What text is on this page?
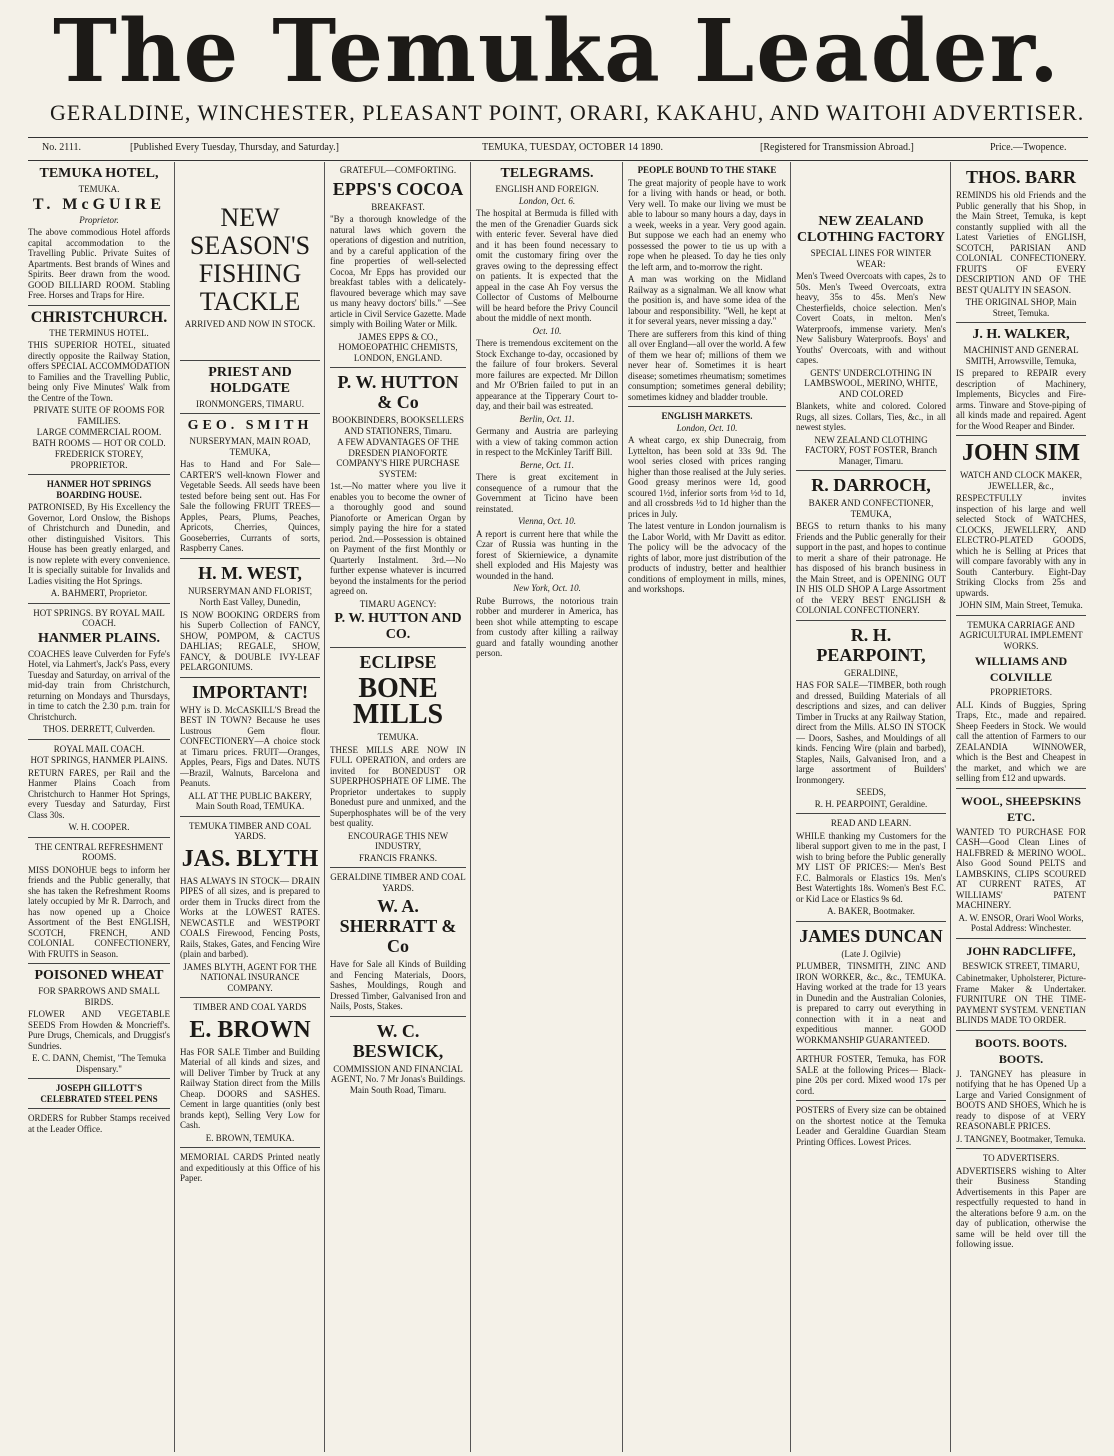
The Temuka Leader.
GERALDINE, WINCHESTER, PLEASANT POINT, ORARI, KAKAHU, AND WAITOHI ADVERTISER.
No. 2111.	[Published Every Tuesday, Thursday, and Saturday.]	TEMUKA, TUESDAY, OCTOBER 14 1890.	[Registered for Transmission Abroad.]	Price.—Twopence.
TEMUKA HOTEL,
TEMUKA.
T. McGUIRE
Proprietor.
The above commodious Hotel affords capital accommodation to the Travelling Public. Private Suites of Apartments. Best brands of Wines and Spirits. Beer drawn from the wood. GOOD BILLIARD ROOM. Stabling Free. Horses and Traps for Hire.
CHRISTCHURCH.
THE TERMINUS HOTEL.
THIS SUPERIOR HOTEL, situated directly opposite the Railway Station, offers SPECIAL ACCOMMODATION to Families and the Travelling Public, being only Five Minutes' Walk from the Centre of the Town.
PRIVATE SUITE OF ROOMS FOR FAMILIES.
LARGE COMMERCIAL ROOM. BATH ROOMS — HOT OR COLD.
FREDERICK STOREY, PROPRIETOR.
HANMER HOT SPRINGS BOARDING HOUSE.
PATRONISED, By His Excellency the Governor, Lord Onslow, the Bishops of Christchurch and Dunedin, and other distinguished Visitors. This House has been greatly enlarged, and is now replete with every convenience. It is specially suitable for Invalids and Ladies visiting the Hot Springs.
A. BAHMERT, Proprietor.
HOT SPRINGS. BY ROYAL MAIL COACH.
HANMER PLAINS.
COACHES leave Culverden for Fyfe's Hotel, via Lahmert's, Jack's Pass, every Tuesday and Saturday, on arrival of the mid-day train from Christchurch, returning on Mondays and Thursdays, in time to catch the 2.30 p.m. train for Christchurch.
THOS. DERRETT, Culverden.
ROYAL MAIL COACH.
HOT SPRINGS, HANMER PLAINS.
RETURN FARES, per Rail and the Hanmer Plains Coach from Christchurch to Hanmer Hot Springs, every Tuesday and Saturday, First Class 30s.
W. H. COOPER.
THE CENTRAL REFRESHMENT ROOMS.
MISS DONOHUE begs to inform her friends and the Public generally, that she has taken the Refreshment Rooms lately occupied by Mr R. Darroch, and has now opened up a Choice Assortment of the Best ENGLISH, SCOTCH, FRENCH, AND COLONIAL CONFECTIONERY, With FRUITS in Season.
POISONED WHEAT
FOR SPARROWS AND SMALL BIRDS.
FLOWER AND VEGETABLE SEEDS From Howden & Moncrieff's. Pure Drugs, Chemicals, and Druggist's Sundries.
E. C. DANN, Chemist, "The Temuka Dispensary."
JOSEPH GILLOTT'S CELEBRATED STEEL PENS
ORDERS for Rubber Stamps received at the Leader Office.
NEW SEASON'S FISHING TACKLE
ARRIVED AND NOW IN STOCK.
PRIEST AND HOLDGATE
IRONMONGERS, TIMARU.
GEO. SMITH
NURSERYMAN, MAIN ROAD, TEMUKA,
Has to Hand and For Sale—CARTER'S well-known Flower and Vegetable Seeds. All seeds have been tested before being sent out. Has For Sale the following FRUIT TREES—Apples, Pears, Plums, Peaches, Apricots, Cherries, Quinces, Gooseberries, Currants of sorts, Raspberry Canes.
H. M. WEST,
NURSERYMAN AND FLORIST,
North East Valley, Dunedin,
IS NOW BOOKING ORDERS from his Superb Collection of FANCY, SHOW, POMPOM, & CACTUS DAHLIAS; REGALE, SHOW, FANCY, & DOUBLE IVY-LEAF PELARGONIUMS.
IMPORTANT!
WHY is D. McCASKILL'S Bread the BEST IN TOWN? Because he uses Lustrous Gem flour. CONFECTIONERY—A choice stock at Timaru prices. FRUIT—Oranges, Apples, Pears, Figs and Dates. NUTS—Brazil, Walnuts, Barcelona and Peanuts.
ALL AT THE PUBLIC BAKERY, Main South Road, TEMUKA.
TEMUKA TIMBER AND COAL YARDS.
JAS. BLYTH
HAS ALWAYS IN STOCK— DRAIN PIPES of all sizes, and is prepared to order them in Trucks direct from the Works at the LOWEST RATES. NEWCASTLE and WESTPORT COALS Firewood, Fencing Posts, Rails, Stakes, Gates, and Fencing Wire (plain and barbed).
JAMES BLYTH, AGENT FOR THE NATIONAL INSURANCE COMPANY.
TIMBER AND COAL YARDS
E. BROWN
Has FOR SALE Timber and Building Material of all kinds and sizes, and will Deliver Timber by Truck at any Railway Station direct from the Mills Cheap. DOORS and SASHES. Cement in large quantities (only best brands kept), Selling Very Low for Cash.
E. BROWN, TEMUKA.
MEMORIAL CARDS Printed neatly and expeditiously at this Office of his Paper.
GRATEFUL—COMFORTING.
EPPS'S COCOA
BREAKFAST.
"By a thorough knowledge of the natural laws which govern the operations of digestion and nutrition, and by a careful application of the fine properties of well-selected Cocoa, Mr Epps has provided our breakfast tables with a delicately-flavoured beverage which may save us many heavy doctors' bills." —See article in Civil Service Gazette. Made simply with Boiling Water or Milk.
JAMES EPPS & CO., HOMOEOPATHIC CHEMISTS, LONDON, ENGLAND.
P. W. HUTTON & Co
BOOKBINDERS, BOOKSELLERS AND STATIONERS, Timaru.
A FEW ADVANTAGES OF THE DRESDEN PIANOFORTE COMPANY'S HIRE PURCHASE SYSTEM:
1st.—No matter where you live it enables you to become the owner of a thoroughly good and sound Pianoforte or American Organ by simply paying the hire for a stated period. 2nd.—Possession is obtained on Payment of the first Monthly or Quarterly Instalment. 3rd.—No further expense whatever is incurred beyond the instalments for the period agreed on.
TIMARU AGENCY:
P. W. HUTTON AND CO.
ECLIPSE
BONE MILLS
TEMUKA.
THESE MILLS ARE NOW IN FULL OPERATION, and orders are invited for BONEDUST OR SUPERPHOSPHATE OF LIME. The Proprietor undertakes to supply Bonedust pure and unmixed, and the Superphosphates will be of the very best quality.
ENCOURAGE THIS NEW INDUSTRY,
FRANCIS FRANKS.
GERALDINE TIMBER AND COAL YARDS.
W. A. SHERRATT & Co
Have for Sale all Kinds of Building and Fencing Materials, Doors, Sashes, Mouldings, Rough and Dressed Timber, Galvanised Iron and Nails, Posts, Stakes.
W. C. BESWICK,
COMMISSION AND FINANCIAL AGENT, No. 7 Mr Jonas's Buildings. Main South Road, Timaru.
TELEGRAMS.
ENGLISH AND FOREIGN.
London, Oct. 6.
The hospital at Bermuda is filled with the men of the Grenadier Guards sick with enteric fever. Several have died and it has been found necessary to omit the customary firing over the graves owing to the depressing effect on patients. It is expected that the appeal in the case Ah Foy versus the Collector of Customs of Melbourne will be heard before the Privy Council about the middle of next month.
Oct. 10.
There is tremendous excitement on the Stock Exchange to-day, occasioned by the failure of four brokers. Several more failures are expected. Mr Dillon and Mr O'Brien failed to put in an appearance at the Tipperary Court to-day, and their bail was estreated.
Berlin, Oct. 11.
Germany and Austria are parleying with a view of taking common action in respect to the McKinley Tariff Bill.
Berne, Oct. 11.
There is great excitement in consequence of a rumour that the Government at Ticino have been reinstated.
Vienna, Oct. 10.
A report is current here that while the Czar of Russia was hunting in the forest of Skierniewice, a dynamite shell exploded and His Majesty was wounded in the hand.
New York, Oct. 10.
Rube Burrows, the notorious train robber and murderer in America, has been shot while attempting to escape from custody after killing a railway guard and fatally wounding another person.
PEOPLE BOUND TO THE STAKE
The great majority of people have to work for a living with hands or head, or both. Very well. To make our living we must be able to labour so many hours a day, days in a week, weeks in a year. Very good again. But suppose we each had an enemy who possessed the power to tie us up with a rope when he pleased. To day he ties only the left arm, and to-morrow the right.
A man was working on the Midland Railway as a signalman. We all know what the position is, and have some idea of the labour and responsibility. "Well, he kept at it for several years, never missing a day."
There are sufferers from this kind of thing all over England—all over the world. A few of them we hear of; millions of them we never hear of. Sometimes it is heart disease; sometimes rheumatism; sometimes consumption; sometimes general debility; sometimes kidney and bladder trouble.
ENGLISH MARKETS.
London, Oct. 10.
A wheat cargo, ex ship Dunecraig, from Lyttelton, has been sold at 33s 9d. The wool series closed with prices ranging higher than those realised at the July series. Good greasy merinos were 1d, good scoured 1½d, inferior sorts from ½d to 1d, and all crossbreds ½d to 1d higher than the prices in July.
The latest venture in London journalism is the Labor World, with Mr Davitt as editor. The policy will be the advocacy of the rights of labor, more just distribution of the products of industry, better and healthier conditions of employment in mills, mines, and workshops.
NEW ZEALAND CLOTHING FACTORY
SPECIAL LINES FOR WINTER WEAR:
Men's Tweed Overcoats with capes, 2s to 50s. Men's Tweed Overcoats, extra heavy, 35s to 45s. Men's New Chesterfields, choice selection. Men's Covert Coats, in melton. Men's Waterproofs, immense variety. Men's New Salisbury Waterproofs. Boys' and Youths' Overcoats, with and without capes.
GENTS' UNDERCLOTHING IN LAMBSWOOL, MERINO, WHITE, AND COLORED
Blankets, white and colored. Colored Rugs, all sizes. Collars, Ties, &c., in all newest styles.
NEW ZEALAND CLOTHING FACTORY, FOST FOSTER, Branch Manager, Timaru.
R. DARROCH,
BAKER AND CONFECTIONER, TEMUKA,
BEGS to return thanks to his many Friends and the Public generally for their support in the past, and hopes to continue to merit a share of their patronage. He has disposed of his branch business in the Main Street, and is OPENING OUT IN HIS OLD SHOP A Large Assortment of the VERY BEST ENGLISH & COLONIAL CONFECTIONERY.
R. H. PEARPOINT,
GERALDINE,
HAS FOR SALE—TIMBER, both rough and dressed, Building Materials of all descriptions and sizes, and can deliver Timber in Trucks at any Railway Station, direct from the Mills. ALSO IN STOCK— Doors, Sashes, and Mouldings of all kinds. Fencing Wire (plain and barbed), Staples, Nails, Galvanised Iron, and a large assortment of Builders' Ironmongery.
SEEDS,
R. H. PEARPOINT, Geraldine.
READ AND LEARN.
WHILE thanking my Customers for the liberal support given to me in the past, I wish to bring before the Public generally MY LIST OF PRICES:— Men's Best F.C. Balmorals or Elastics 19s. Men's Best Watertights 18s. Women's Best F.C. or Kid Lace or Elastics 9s 6d.
A. BAKER, Bootmaker.
JAMES DUNCAN
(Late J. Ogilvie)
PLUMBER, TINSMITH, ZINC AND IRON WORKER, &c., &c., TEMUKA. Having worked at the trade for 13 years in Dunedin and the Australian Colonies, is prepared to carry out everything in connection with it in a neat and expeditious manner. GOOD WORKMANSHIP GUARANTEED.
ARTHUR FOSTER, Temuka, has FOR SALE at the following Prices— Black-pine 20s per cord. Mixed wood 17s per cord.
POSTERS of Every size can be obtained on the shortest notice at the Temuka Leader and Geraldine Guardian Steam Printing Offices. Lowest Prices.
THOS. BARR
REMINDS his old Friends and the Public generally that his Shop, in the Main Street, Temuka, is kept constantly supplied with all the Latest Varieties of ENGLISH, SCOTCH, PARISIAN AND COLONIAL CONFECTIONERY. FRUITS OF EVERY DESCRIPTION AND OF THE BEST QUALITY IN SEASON.
THE ORIGINAL SHOP, Main Street, Temuka.
J. H. WALKER,
MACHINIST AND GENERAL SMITH, Arrowsville, Temuka,
IS prepared to REPAIR every description of Machinery, Implements, Bicycles and Fire-arms. Tinware and Stove-piping of all kinds made and repaired. Agent for the Wood Reaper and Binder.
JOHN SIM
WATCH AND CLOCK MAKER, JEWELLER, &c.,
RESPECTFULLY invites inspection of his large and well selected Stock of WATCHES, CLOCKS, JEWELLERY, AND ELECTRO-PLATED GOODS, which he is Selling at Prices that will compare favorably with any in South Canterbury. Eight-Day Striking Clocks from 25s and upwards.
JOHN SIM, Main Street, Temuka.
TEMUKA CARRIAGE AND AGRICULTURAL IMPLEMENT WORKS.
WILLIAMS AND COLVILLE
PROPRIETORS.
ALL Kinds of Buggies, Spring Traps, Etc., made and repaired. Sheep Feeders in Stock. We would call the attention of Farmers to our ZEALANDIA WINNOWER, which is the Best and Cheapest in the market, and which we are selling from £12 and upwards.
WOOL, SHEEPSKINS ETC.
WANTED TO PURCHASE FOR CASH—Good Clean Lines of HALFBRED & MERINO WOOL. Also Good Sound PELTS and LAMBSKINS, CLIPS SCOURED AT CURRENT RATES, AT WILLIAMS' PATENT MACHINERY.
A. W. ENSOR, Orari Wool Works, Postal Address: Winchester.
JOHN RADCLIFFE,
BESWICK STREET, TIMARU,
Cabinetmaker, Upholsterer, Picture-Frame Maker & Undertaker. FURNITURE ON THE TIME-PAYMENT SYSTEM. VENETIAN BLINDS MADE TO ORDER.
BOOTS. BOOTS. BOOTS.
J. TANGNEY has pleasure in notifying that he has Opened Up a Large and Varied Consignment of BOOTS AND SHOES, Which he is ready to dispose of at VERY REASONABLE PRICES.
J. TANGNEY, Bootmaker, Temuka.
TO ADVERTISERS.
ADVERTISERS wishing to Alter their Business Standing Advertisements in this Paper are respectfully requested to hand in the alterations before 9 a.m. on the day of publication, otherwise the same will be held over till the following issue.
